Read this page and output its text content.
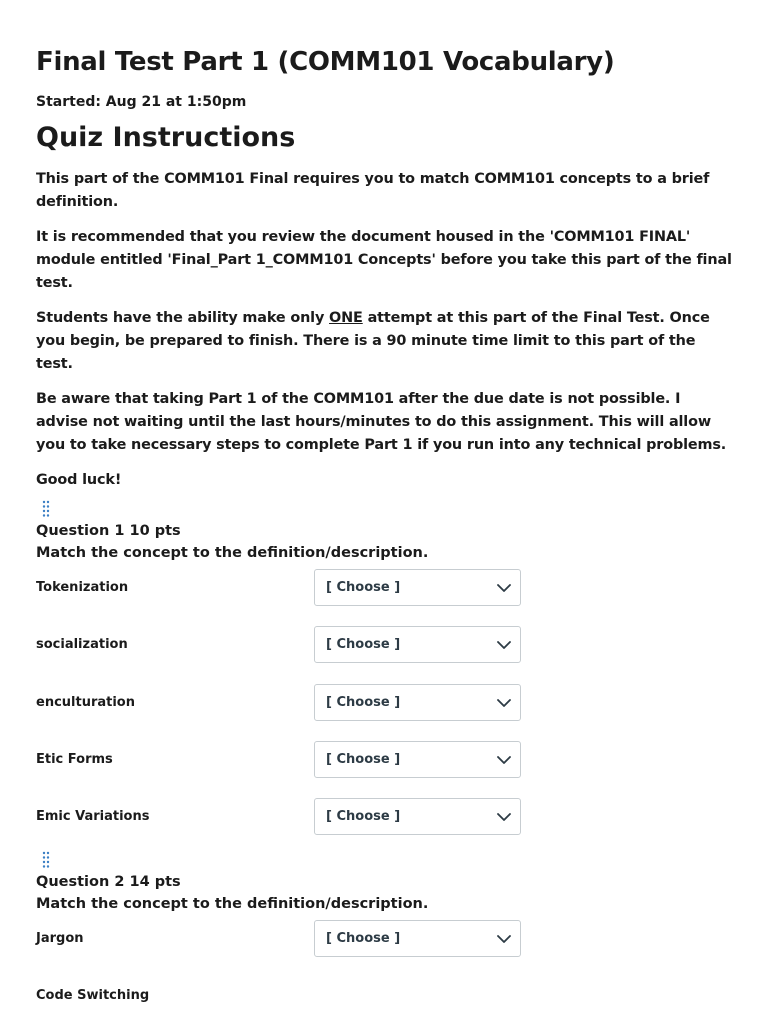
Final Test Part 1 (COMM101 Vocabulary)
Started: Aug 21 at 1:50pm
Quiz Instructions

This part of the COMM101 Final requires you to match COMM101 concepts to a brief definition.

It is recommended that you review the document housed in the 'COMM101 FINAL' module entitled 'Final_Part 1_COMM101 Concepts' before you take this part of the final test.

Students have the ability make only ONE attempt at this part of the Final Test. Once you begin, be prepared to finish. There is a 90 minute time limit to this part of the test.

Be aware that taking Part 1 of the COMM101 after the due date is not possible. I advise not waiting until the last hours/minutes to do this assignment. This will allow you to take necessary steps to complete Part 1 if you run into any technical problems.

Good luck!

Question 1 10 pts
Match the concept to the definition/description.
Tokenization	[ Choose ]
socialization	[ Choose ]
enculturation	[ Choose ]
Etic Forms	[ Choose ]
Emic Variations	[ Choose ]
Question 2 14 pts
Match the concept to the definition/description.
Jargon	[ Choose ]
Code Switching
